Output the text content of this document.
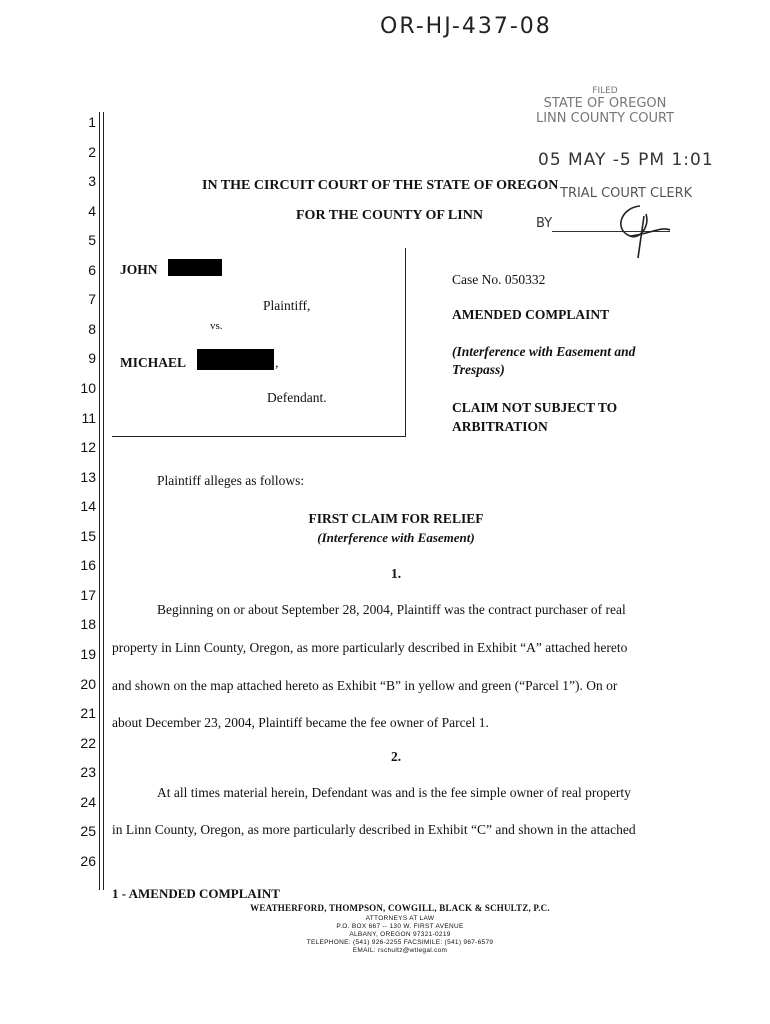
OR-HJ-437-08
FILED
STATE OF OREGON
LINN COUNTY COURT
05 MAY -5 PM 1:01
TRIAL COURT CLERK
BY
1
2
3
4
5
6
7
8
9
10
11
12
13
14
15
16
17
18
19
20
21
22
23
24
25
26
IN THE CIRCUIT COURT OF THE STATE OF OREGON
FOR THE COUNTY OF LINN
JOHN
Plaintiff,
vs.
MICHAEL	,
Defendant.
Case No. 050332
AMENDED COMPLAINT
(Interference with Easement and
Trespass)
CLAIM NOT SUBJECT TO
ARBITRATION
Plaintiff alleges as follows:
FIRST CLAIM FOR RELIEF
(Interference with Easement)
1.
Beginning on or about September 28, 2004, Plaintiff was the contract purchaser of real
property in Linn County, Oregon, as more particularly described in Exhibit “A” attached hereto
and shown on the map attached hereto as Exhibit “B” in yellow and green (“Parcel 1”). On or
about December 23, 2004, Plaintiff became the fee owner of Parcel 1.
2.
At all times material herein, Defendant was and is the fee simple owner of real property
in Linn County, Oregon, as more particularly described in Exhibit “C” and shown in the attached
1 - AMENDED COMPLAINT
WEATHERFORD, THOMPSON, COWGILL, BLACK & SCHULTZ, P.C.
ATTORNEYS AT LAW
P.O. BOX 667 -- 130 W. FIRST AVENUE
ALBANY, OREGON 97321-0219
TELEPHONE: (541) 926-2255 FACSIMILE: (541) 967-6579
EMAIL: rschultz@wtlegal.com
